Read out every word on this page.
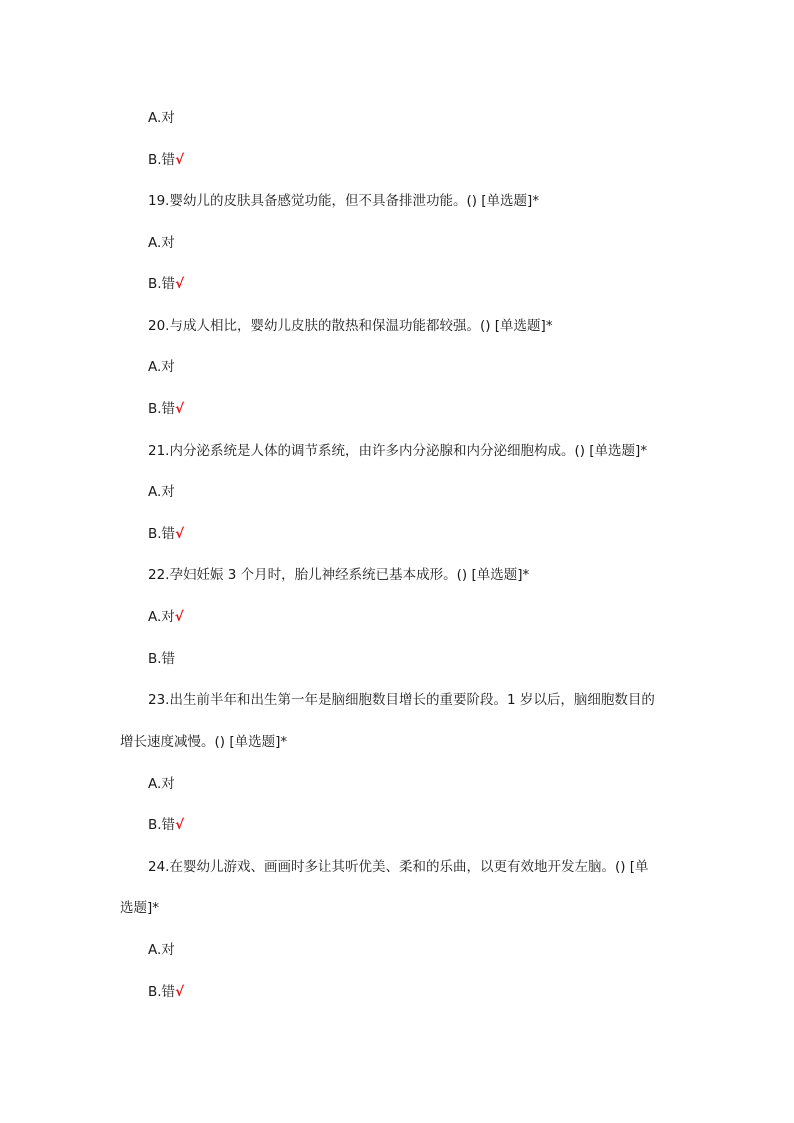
A.对
B.错√
19.婴幼儿的皮肤具备感觉功能，但不具备排泄功能。() [单选题]*
A.对
B.错√
20.与成人相比，婴幼儿皮肤的散热和保温功能都较强。() [单选题]*
A.对
B.错√
21.内分泌系统是人体的调节系统，由许多内分泌腺和内分泌细胞构成。() [单选题]*
A.对
B.错√
22.孕妇妊娠 3 个月时，胎儿神经系统已基本成形。() [单选题]*
A.对√
B.错
23.出生前半年和出生第一年是脑细胞数目增长的重要阶段。1 岁以后，脑细胞数目的
增长速度减慢。() [单选题]*
A.对
B.错√
24.在婴幼儿游戏、画画时多让其听优美、柔和的乐曲，以更有效地开发左脑。() [单
选题]*
A.对
B.错√
